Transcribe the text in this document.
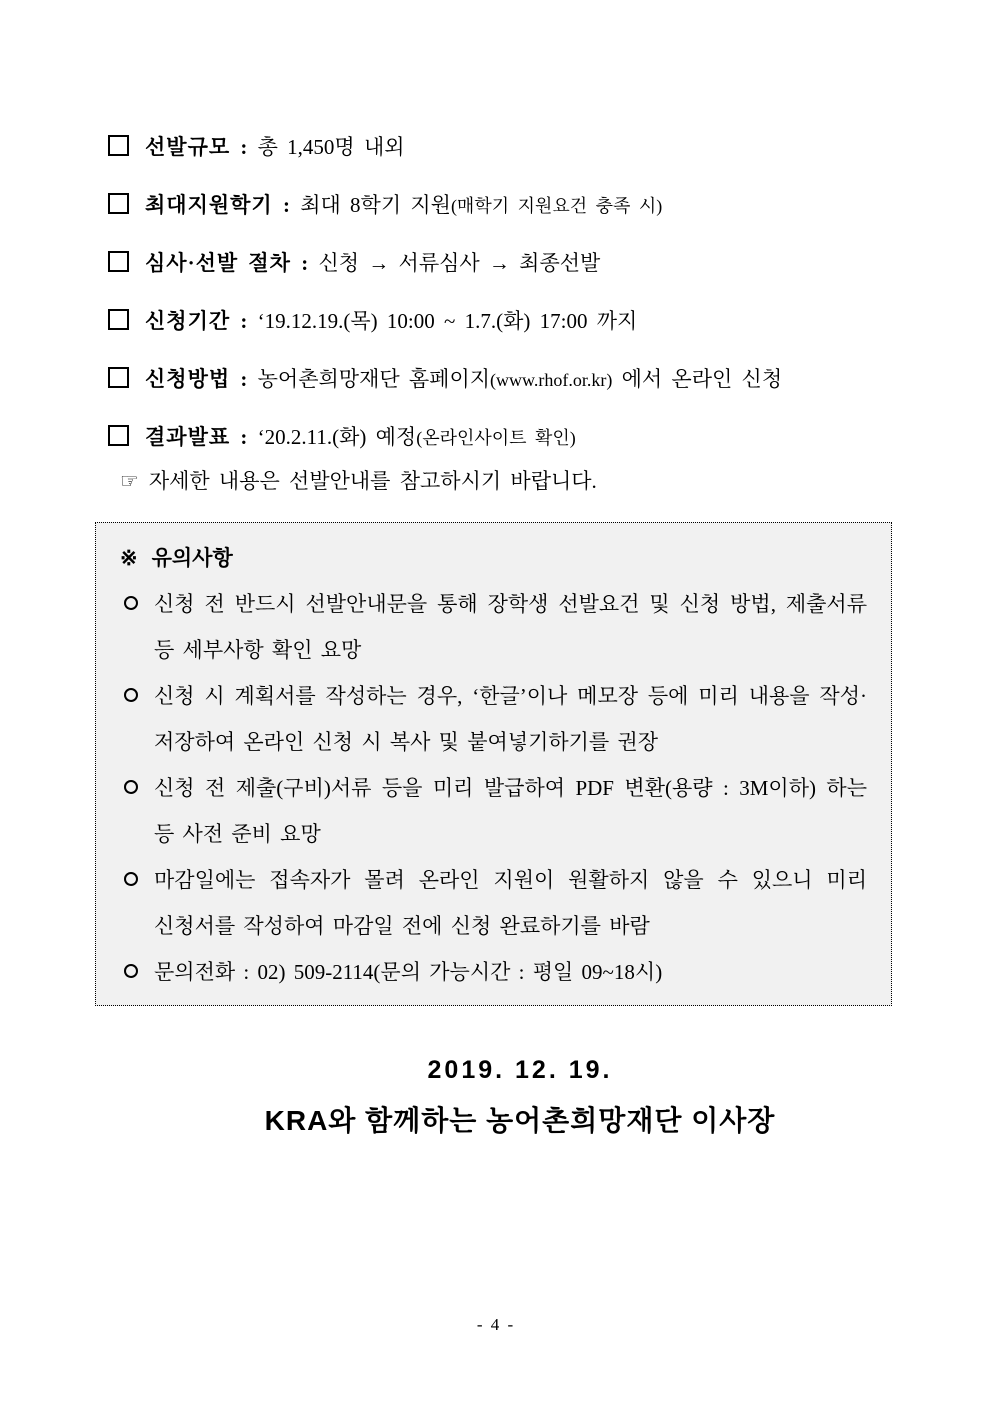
선발규모 : 총 1,450명 내외
최대지원학기 : 최대 8학기 지원(매학기 지원요건 충족 시)
심사·선발 절차 : 신청 → 서류심사 → 최종선발
신청기간 : ‘19.12.19.(목) 10:00 ~ 1.7.(화) 17:00 까지
신청방법 : 농어촌희망재단 홈페이지(www.rhof.or.kr) 에서 온라인 신청
결과발표 : ‘20.2.11.(화) 예정(온라인사이트 확인)
☞ 자세한 내용은 선발안내를 참고하시기 바랍니다.
※ 유의사항
신청 전 반드시 선발안내문을 통해 장학생 선발요건 및 신청 방법, 제출서류 등 세부사항 확인 요망
신청 시 계획서를 작성하는 경우, ‘한글’이나 메모장 등에 미리 내용을 작성·저장하여 온라인 신청 시 복사 및 붙여넣기하기를 권장
신청 전 제출(구비)서류 등을 미리 발급하여 PDF 변환(용량 : 3M이하) 하는 등 사전 준비 요망
마감일에는 접속자가 몰려 온라인 지원이 원활하지 않을 수 있으니 미리 신청서를 작성하여 마감일 전에 신청 완료하기를 바람
문의전화 : 02) 509-2114(문의 가능시간 : 평일 09~18시)
2019. 12. 19.
KRA와 함께하는 농어촌희망재단 이사장
- 4 -
